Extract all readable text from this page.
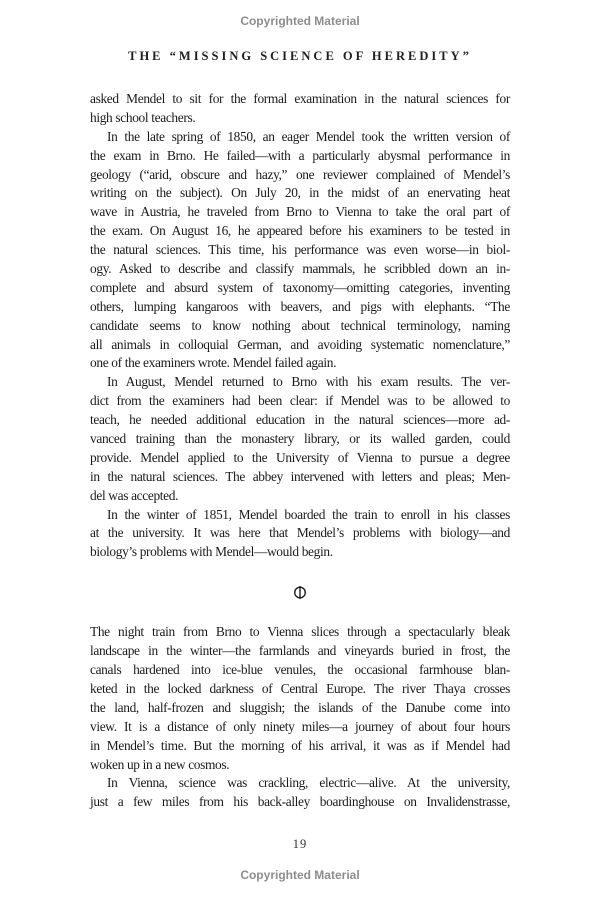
Copyrighted Material
THE “MISSING SCIENCE OF HEREDITY”
asked Mendel to sit for the formal examination in the natural sciences for
high school teachers.
In the late spring of 1850, an eager Mendel took the written version of
the exam in Brno. He failed—with a particularly abysmal performance in
geology (“arid, obscure and hazy,” one reviewer complained of Mendel’s
writing on the subject). On July 20, in the midst of an enervating heat
wave in Austria, he traveled from Brno to Vienna to take the oral part of
the exam. On August 16, he appeared before his examiners to be tested in
the natural sciences. This time, his performance was even worse—in biol-
ogy. Asked to describe and classify mammals, he scribbled down an in-
complete and absurd system of taxonomy—omitting categories, inventing
others, lumping kangaroos with beavers, and pigs with elephants. “The
candidate seems to know nothing about technical terminology, naming
all animals in colloquial German, and avoiding systematic nomenclature,”
one of the examiners wrote. Mendel failed again.
In August, Mendel returned to Brno with his exam results. The ver-
dict from the examiners had been clear: if Mendel was to be allowed to
teach, he needed additional education in the natural sciences—more ad-
vanced training than the monastery library, or its walled garden, could
provide. Mendel applied to the University of Vienna to pursue a degree
in the natural sciences. The abbey intervened with letters and pleas; Men-
del was accepted.
In the winter of 1851, Mendel boarded the train to enroll in his classes
at the university. It was here that Mendel’s problems with biology—and
biology’s problems with Mendel—would begin.
The night train from Brno to Vienna slices through a spectacularly bleak
landscape in the winter—the farmlands and vineyards buried in frost, the
canals hardened into ice-blue venules, the occasional farmhouse blan-
keted in the locked darkness of Central Europe. The river Thaya crosses
the land, half-frozen and sluggish; the islands of the Danube come into
view. It is a distance of only ninety miles—a journey of about four hours
in Mendel’s time. But the morning of his arrival, it was as if Mendel had
woken up in a new cosmos.
In Vienna, science was crackling, electric—alive. At the university,
just a few miles from his back-alley boardinghouse on Invalidenstrasse,
19
Copyrighted Material
